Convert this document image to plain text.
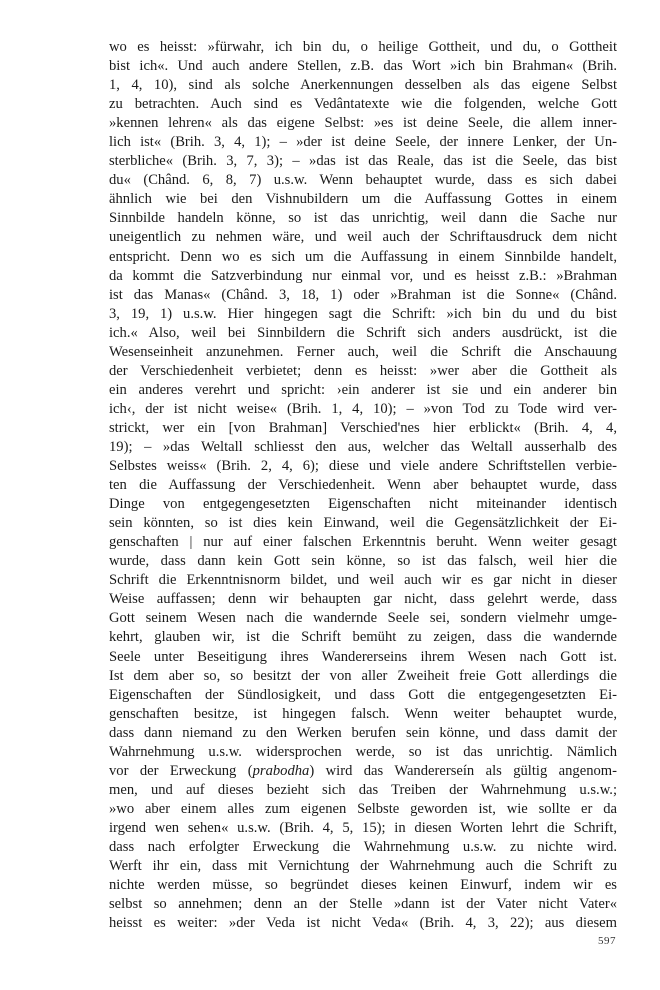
wo es heisst: »fürwahr, ich bin du, o heilige Gottheit, und du, o Gottheit
bist ich«. Und auch andere Stellen, z.B. das Wort »ich bin Brahman« (Brih.
1, 4, 10), sind als solche Anerkennungen desselben als das eigene Selbst
zu betrachten. Auch sind es Vedântatexte wie die folgenden, welche Gott
»kennen lehren« als das eigene Selbst: »es ist deine Seele, die allem inner-
lich ist« (Brih. 3, 4, 1); – »der ist deine Seele, der innere Lenker, der Un-
sterbliche« (Brih. 3, 7, 3); – »das ist das Reale, das ist die Seele, das bist
du« (Chând. 6, 8, 7) u.s.w. Wenn behauptet wurde, dass es sich dabei
ähnlich wie bei den Vishnubildern um die Auffassung Gottes in einem
Sinnbilde handeln könne, so ist das unrichtig, weil dann die Sache nur
uneigentlich zu nehmen wäre, und weil auch der Schriftausdruck dem nicht
entspricht. Denn wo es sich um die Auffassung in einem Sinnbilde handelt,
da kommt die Satzverbindung nur einmal vor, und es heisst z.B.: »Brahman
ist das Manas« (Chând. 3, 18, 1) oder »Brahman ist die Sonne« (Chând.
3, 19, 1) u.s.w. Hier hingegen sagt die Schrift: »ich bin du und du bist
ich.« Also, weil bei Sinnbildern die Schrift sich anders ausdrückt, ist die
Wesenseinheit anzunehmen. Ferner auch, weil die Schrift die Anschauung
der Verschiedenheit verbietet; denn es heisst: »wer aber die Gottheit als
ein anderes verehrt und spricht: ›ein anderer ist sie und ein anderer bin
ich‹, der ist nicht weise« (Brih. 1, 4, 10); – »von Tod zu Tode wird ver-
strickt, wer ein [von Brahman] Verschied'nes hier erblickt« (Brih. 4, 4,
19); – »das Weltall schliesst den aus, welcher das Weltall ausserhalb des
Selbstes weiss« (Brih. 2, 4, 6); diese und viele andere Schriftstellen verbie-
ten die Auffassung der Verschiedenheit. Wenn aber behauptet wurde, dass
Dinge von entgegengesetzten Eigenschaften nicht miteinander identisch
sein könnten, so ist dies kein Einwand, weil die Gegensätzlichkeit der Ei-
genschaften | nur auf einer falschen Erkenntnis beruht. Wenn weiter gesagt
wurde, dass dann kein Gott sein könne, so ist das falsch, weil hier die
Schrift die Erkenntnisnorm bildet, und weil auch wir es gar nicht in dieser
Weise auffassen; denn wir behaupten gar nicht, dass gelehrt werde, dass
Gott seinem Wesen nach die wandernde Seele sei, sondern vielmehr umge-
kehrt, glauben wir, ist die Schrift bemüht zu zeigen, dass die wandernde
Seele unter Beseitigung ihres Wandererseins ihrem Wesen nach Gott ist.
Ist dem aber so, so besitzt der von aller Zweiheit freie Gott allerdings die
Eigenschaften der Sündlosigkeit, und dass Gott die entgegengesetzten Ei-
genschaften besitze, ist hingegen falsch. Wenn weiter behauptet wurde,
dass dann niemand zu den Werken berufen sein könne, und dass damit der
Wahrnehmung u.s.w. widersprochen werde, so ist das unrichtig. Nämlich
vor der Erweckung (prabodha) wird das Wandererseín als gültig angenom-
men, und auf dieses bezieht sich das Treiben der Wahrnehmung u.s.w.;
»wo aber einem alles zum eigenen Selbste geworden ist, wie sollte er da
irgend wen sehen« u.s.w. (Brih. 4, 5, 15); in diesen Worten lehrt die Schrift,
dass nach erfolgter Erweckung die Wahrnehmung u.s.w. zu nichte wird.
Werft ihr ein, dass mit Vernichtung der Wahrnehmung auch die Schrift zu
nichte werden müsse, so begründet dieses keinen Einwurf, indem wir es
selbst so annehmen; denn an der Stelle »dann ist der Vater nicht Vater«
heisst es weiter: »der Veda ist nicht Veda« (Brih. 4, 3, 22); aus diesem
597
